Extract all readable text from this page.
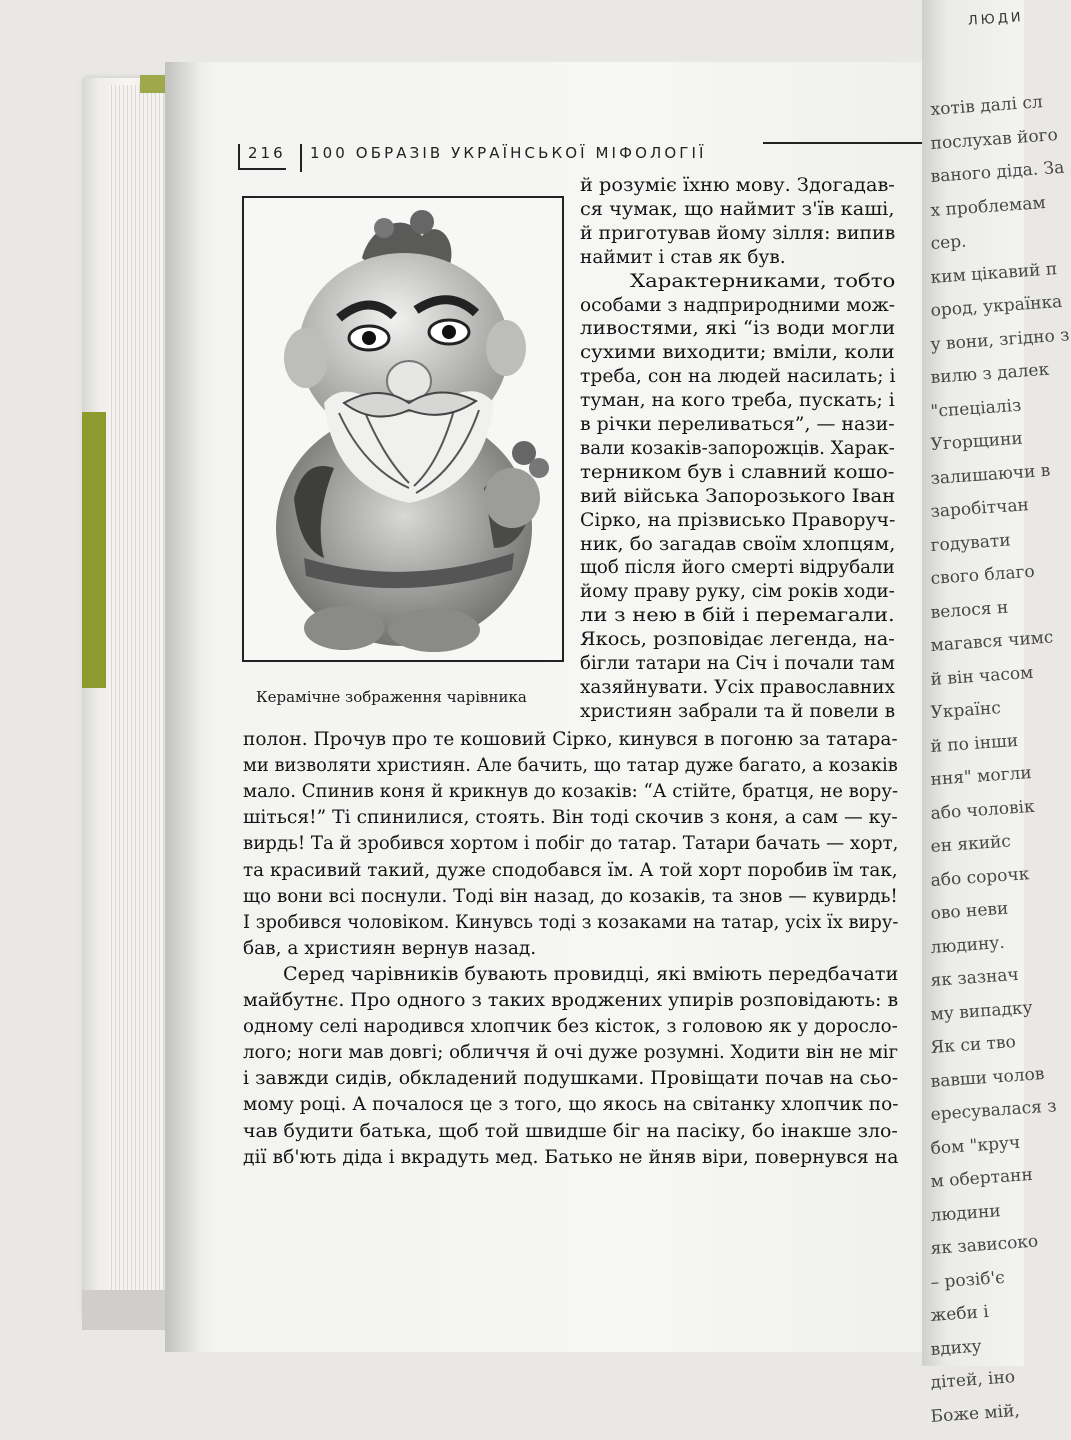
216 100 ОБРАЗІВ УКРАЇНСЬКОЇ МІФОЛОГІЇ
Керамічне зображення чарівника
й розуміє їхню мову. Здогадав-
ся чумак, що наймит з'їв каші,
й приготував йому зілля: випив
наймит і став як був.
Характерниками, тобто
особами з надприродними мож-
ливостями, які “із води могли
сухими виходити; вміли, коли
треба, сон на людей насилать; і
туман, на кого треба, пускать; і
в річки переливаться”, — нази-
вали козаків-запорожців. Харак-
терником був і славний кошо-
вий війська Запорозького Іван
Сірко, на прізвисько Праворуч-
ник, бо загадав своїм хлопцям,
щоб після його смерті відрубали
йому праву руку, сім років ходи-
ли з нею в бій і перемагали.
Якось, розповідає легенда, на-
бігли татари на Січ і почали там
хазяйнувати. Усіх православних
християн забрали та й повели в
полон. Прочув про те кошовий Сірко, кинувся в погоню за татара-
ми визволяти християн. Але бачить, що татар дуже багато, а козаків
мало. Спинив коня й крикнув до козаків: “А стійте, братця, не вору-
шіться!” Ті спинилися, стоять. Він тоді скочив з коня, а сам — ку-
вирдь! Та й зробився хортом і побіг до татар. Татари бачать — хорт,
та красивий такий, дуже сподобався їм. А той хорт поробив їм так,
що вони всі поснули. Тоді він назад, до козаків, та знов — кувирдь!
І зробився чоловіком. Кинувсь тоді з козаками на татар, усіх їх виру-
бав, а християн вернув назад.
Серед чарівників бувають провидці, які вміють передбачати
майбутнє. Про одного з таких вроджених упирів розповідають: в
одному селі народився хлопчик без кісток, з головою як у доросло-
лого; ноги мав довгі; обличчя й очі дуже розумні. Ходити він не міг
і завжди сидів, обкладений подушками. Провіщати почав на сьо-
мому році. А почалося це з того, що якось на світанку хлопчик по-
чав будити батька, щоб той швидше біг на пасіку, бо інакше зло-
дії вб'ють діда і вкрадуть мед. Батько не йняв віри, повернувся на
ЛЮДИ
хотів далі сл
послухав його
ваного діда. За
х проблемам
сер.
ким цікавий п
ород, українка
у вони, згідно з
вилю з далек
"спеціаліз
Угорщини
залишаючи в
заробітчан
годувати
свого благо
велося н
магався чимс
й він часом
Українс
й по інши
ння" могли
або чоловік
ен якийс
або сорочк
ово неви
людину.
як зазнач
му випадку
Як си тво
вавши чолов
ересувалася з
бом "круч
м обертанн
людини
як зависоко
– розіб'є
жеби і
вдиху
дітей, іно
Боже мій,
